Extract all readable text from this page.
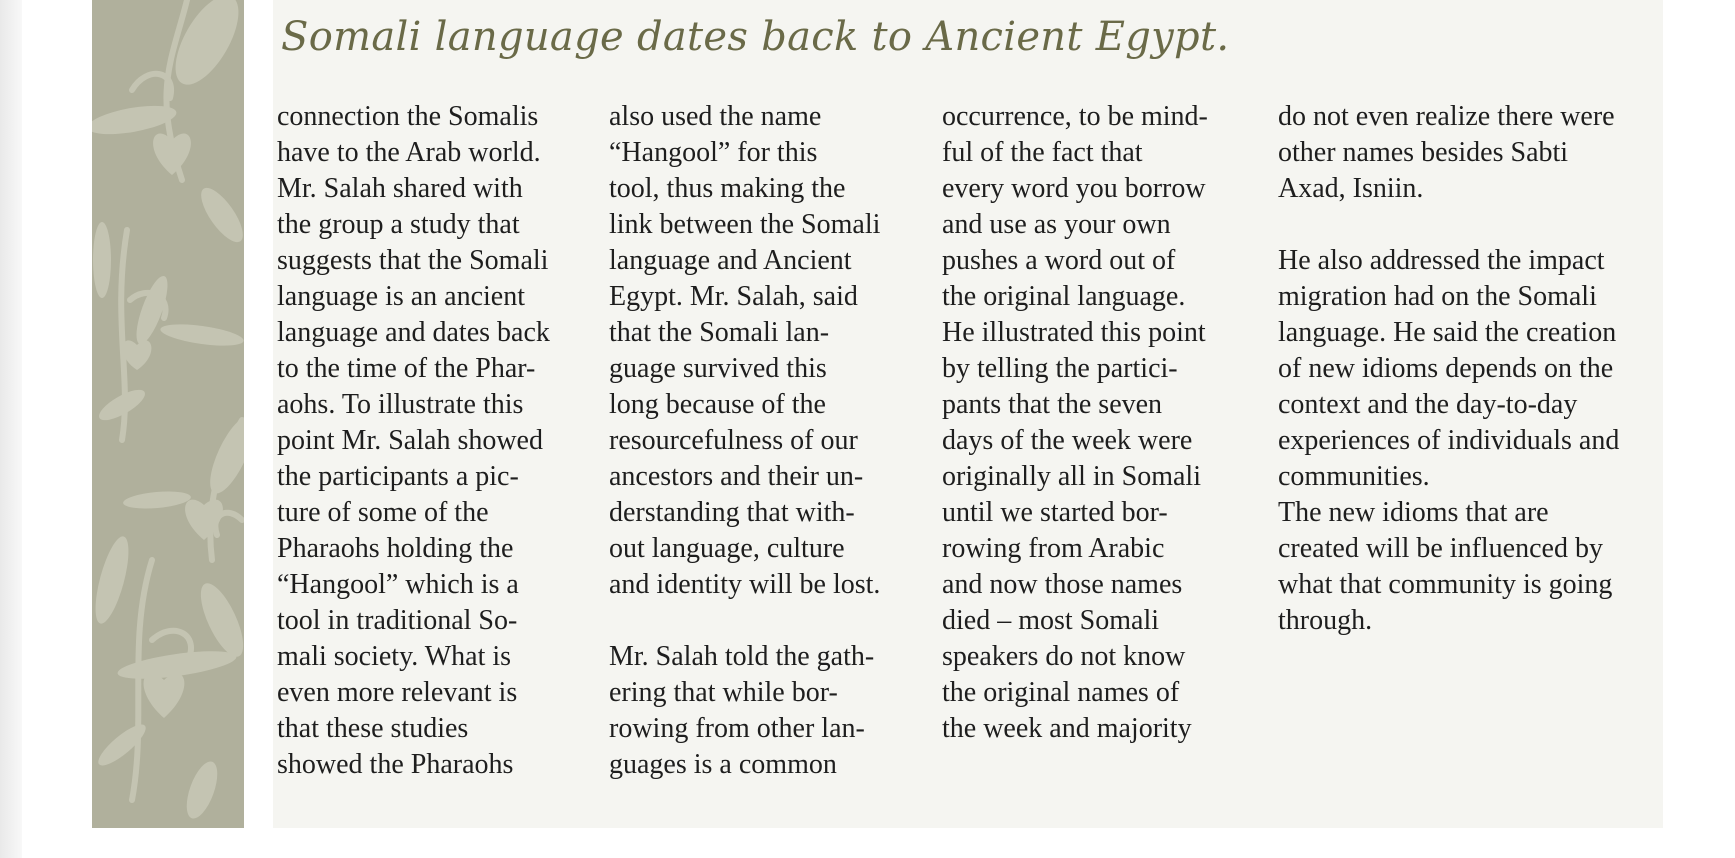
Somali language dates back to Ancient Egypt.
connection the Somalis
have to the Arab world.
Mr. Salah shared with
the group a study that
suggests that the Somali
language is an ancient
language and dates back
to the time of the Phar-
aohs. To illustrate this
point Mr. Salah showed
the participants a pic-
ture of some of the
Pharaohs holding the
“Hangool” which is a
tool in traditional So-
mali society. What is
even more relevant is
that these studies
showed the Pharaohs
also used the name
“Hangool” for this
tool, thus making the
link between the Somali
language and Ancient
Egypt. Mr. Salah, said
that the Somali lan-
guage survived this
long because of the
resourcefulness of our
ancestors and their un-
derstanding that with-
out language, culture
and identity will be lost.
Mr. Salah told the gath-
ering that while bor-
rowing from other lan-
guages is a common
occurrence, to be mind-
ful of the fact that
every word you borrow
and use as your own
pushes a word out of
the original language.
He illustrated this point
by telling the partici-
pants that the seven
days of the week were
originally all in Somali
until we started bor-
rowing from Arabic
and now those names
died – most Somali
speakers do not know
the original names of
the week and majority
do not even realize there were
other names besides Sabti
Axad, Isniin.
He also addressed the impact
migration had on the Somali
language. He said the creation
of new idioms depends on the
context and the day-to-day
experiences of individuals and
communities.
The new idioms that are
created will be influenced by
what that community is going
through.
